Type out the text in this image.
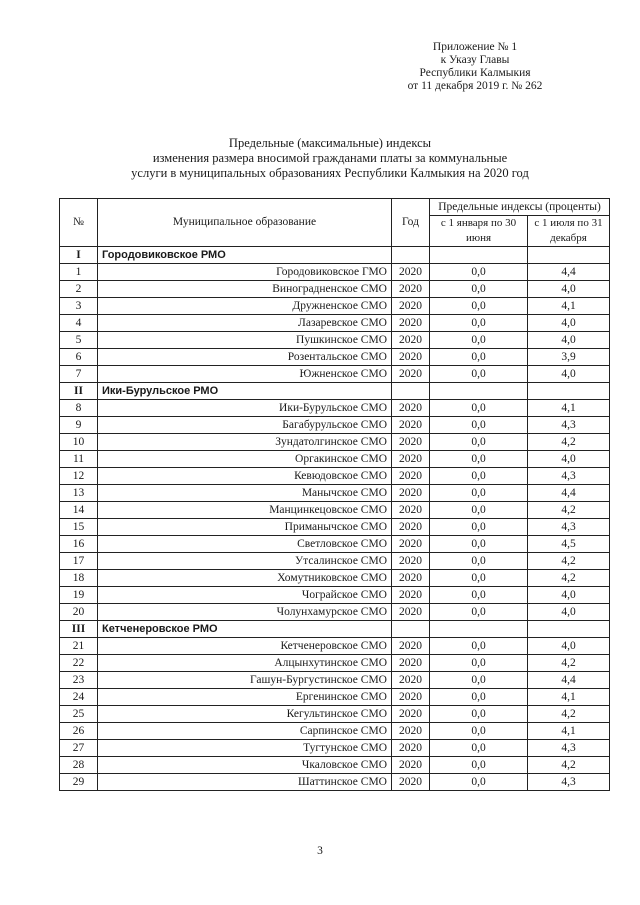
Приложение № 1
к Указу Главы
Республики Калмыкия
от 11 декабря 2019 г. № 262
Предельные (максимальные) индексы
изменения размера вносимой гражданами платы за коммунальные
услуги в муниципальных образованиях Республики Калмыкия на 2020 год
№	Муниципальное образование	Год	Предельные индексы (проценты)	
			с 1 января по 30 июня	с 1 июля по 31 декабря
I	Городовиковское РМО			
1	Городовиковское ГМО	2020	0,0	4,4
2	Виноградненское СМО	2020	0,0	4,0
3	Дружненское СМО	2020	0,0	4,1
4	Лазаревское СМО	2020	0,0	4,0
5	Пушкинское СМО	2020	0,0	4,0
6	Розентальское СМО	2020	0,0	3,9
7	Южненское СМО	2020	0,0	4,0
II	Ики-Бурульское РМО			
8	Ики-Бурульское СМО	2020	0,0	4,1
9	Багабурульское СМО	2020	0,0	4,3
10	Зундатолгинское СМО	2020	0,0	4,2
11	Оргакинское СМО	2020	0,0	4,0
12	Кевюдовское СМО	2020	0,0	4,3
13	Манычское СМО	2020	0,0	4,4
14	Манцинкецовское СМО	2020	0,0	4,2
15	Приманычское СМО	2020	0,0	4,3
16	Светловское СМО	2020	0,0	4,5
17	Утсалинское СМО	2020	0,0	4,2
18	Хомутниковское СМО	2020	0,0	4,2
19	Чограйское СМО	2020	0,0	4,0
20	Чолунхамурское СМО	2020	0,0	4,0
III	Кетченеровское РМО			
21	Кетченеровское СМО	2020	0,0	4,0
22	Алцынхутинское СМО	2020	0,0	4,2
23	Гашун-Бургустинское СМО	2020	0,0	4,4
24	Ергенинское СМО	2020	0,0	4,1
25	Кегультинское СМО	2020	0,0	4,2
26	Сарпинское СМО	2020	0,0	4,1
27	Тугтунское СМО	2020	0,0	4,3
28	Чкаловское СМО	2020	0,0	4,2
29	Шаттинское СМО	2020	0,0	4,3
3
